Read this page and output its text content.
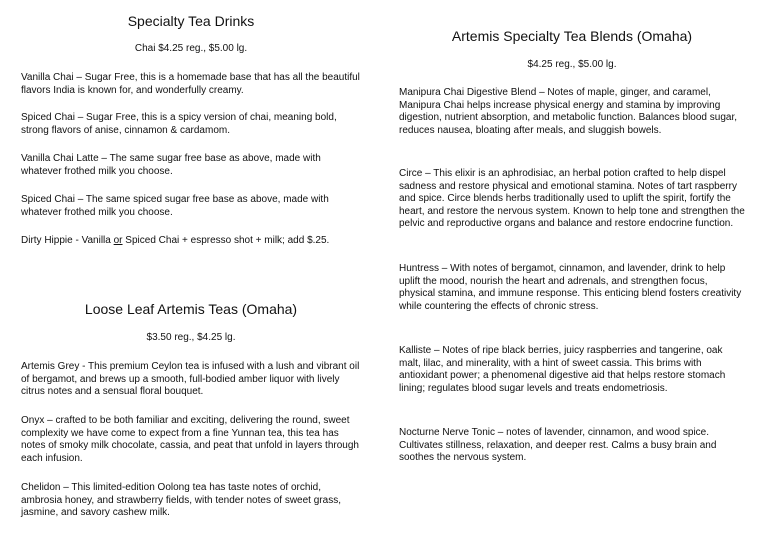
Specialty Tea Drinks
Chai $4.25 reg., $5.00 lg.

Vanilla Chai – Sugar Free, this is a homemade base that has all the beautiful flavors India is known for, and wonderfully creamy.

Spiced Chai – Sugar Free, this is a spicy version of chai, meaning bold, strong flavors of anise, cinnamon & cardamom.

Vanilla Chai Latte – The same sugar free base as above, made with whatever frothed milk you choose.

Spiced Chai – The same spiced sugar free base as above, made with whatever frothed milk you choose.

Dirty Hippie - Vanilla or Spiced Chai + espresso shot + milk; add $.25.

Loose Leaf Artemis Teas (Omaha)
$3.50 reg., $4.25 lg.

Artemis Grey - This premium Ceylon tea is infused with a lush and vibrant oil of bergamot, and brews up a smooth, full-bodied amber liquor with lively citrus notes and a sensual floral bouquet.

Onyx – crafted to be both familiar and exciting, delivering the round, sweet complexity we have come to expect from a fine Yunnan tea, this tea has notes of smoky milk chocolate, cassia, and peat that unfold in layers through each infusion.

Chelidon – This limited-edition Oolong tea has taste notes of orchid, ambrosia honey, and strawberry fields, with tender notes of sweet grass, jasmine, and savory cashew milk.

Artemis Specialty Tea Blends (Omaha)
$4.25 reg., $5.00 lg.

Manipura Chai Digestive Blend – Notes of maple, ginger, and caramel, Manipura Chai helps increase physical energy and stamina by improving digestion, nutrient absorption, and metabolic function. Balances blood sugar, reduces nausea, bloating after meals, and sluggish bowels.

Circe – This elixir is an aphrodisiac, an herbal potion crafted to help dispel sadness and restore physical and emotional stamina. Notes of tart raspberry and spice. Circe blends herbs traditionally used to uplift the spirit, fortify the heart, and restore the nervous system. Known to help tone and strengthen the pelvic and reproductive organs and balance and restore endocrine function.

Huntress – With notes of bergamot, cinnamon, and lavender, drink to help uplift the mood, nourish the heart and adrenals, and strengthen focus, physical stamina, and immune response. This enticing blend fosters creativity while countering the effects of chronic stress.

Kalliste – Notes of ripe black berries, juicy raspberries and tangerine, oak malt, lilac, and minerality, with a hint of sweet cassia. This brims with antioxidant power; a phenomenal digestive aid that helps restore stomach lining; regulates blood sugar levels and treats endometriosis.

Nocturne Nerve Tonic – notes of lavender, cinnamon, and wood spice. Cultivates stillness, relaxation, and deeper rest. Calms a busy brain and soothes the nervous system.
